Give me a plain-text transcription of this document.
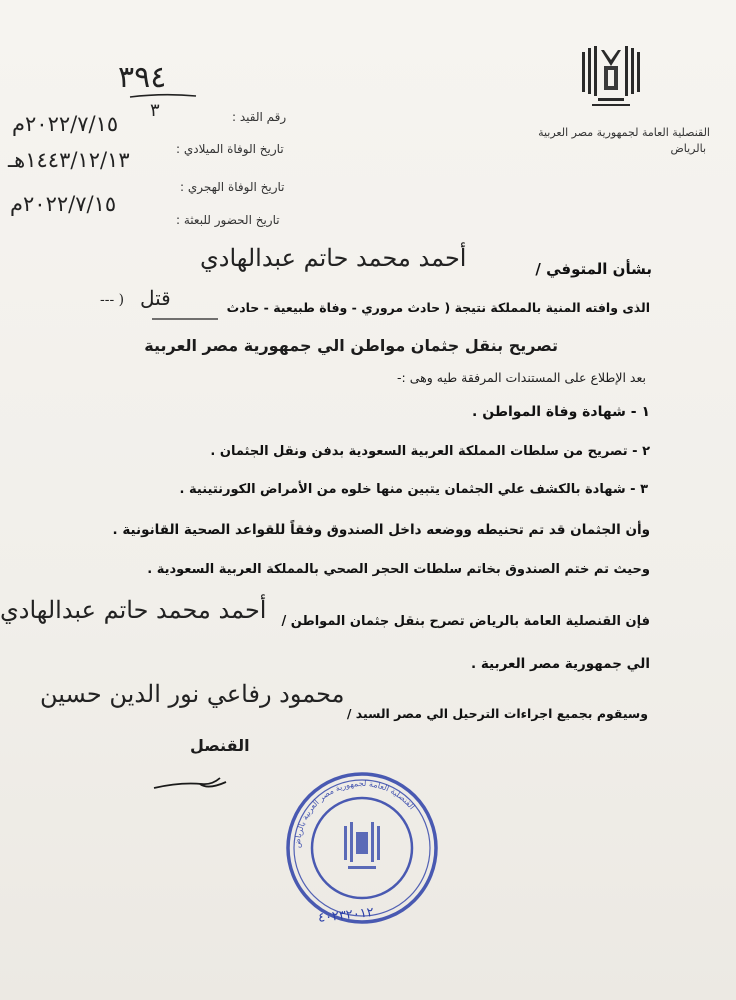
القنصلية العامة لجمهورية مصر العربية
بالرياض
٣٩٤
٣	رقم القيد :
تاريخ الوفاة الميلادي :
٢٠٢٢/٧/١٥م
تاريخ الوفاة الهجري :
١٤٤٣/١٢/١٣هـ
تاريخ الحضور للبعثة :
٢٠٢٢/٧/١٥م
بشأن المتوفي /
أحمد محمد حاتم عبدالهادي
الذى وافته المنية بالمملكة نتيجة ( حادث مروري - وفاة طبيعية - حادث
قتل
--- )
تصريح بنقل جثمان مواطن الي جمهورية مصر العربية
بعد الإطلاع على المستندات المرفقة طيه وهى :-
١ - شهادة وفاة المواطن .
٢ - تصريح من سلطات المملكة العربية السعودية بدفن ونقل الجثمان .
٣ - شهادة بالكشف علي الجثمان يتبين منها خلوه من الأمراض الكورنتينية .
وأن الجثمان قد تم تحنيطه ووضعه داخل الصندوق وفقاً للقواعد الصحية القانونية .
وحيث تم ختم الصندوق بخاتم سلطات الحجر الصحي بالمملكة العربية السعودية .
فإن القنصلية العامة بالرياض تصرح بنقل جثمان المواطن /
أحمد محمد حاتم عبدالهادي
الي جمهورية مصر العربية .
محمود رفاعي نور الدين حسين
وسيقوم بجميع اجراءات الترحيل الي مصر السيد /
القنصل
القنصلية العامة لجمهورية مصر العربية بالرياض
٤٠٢٣٢٠١٢
